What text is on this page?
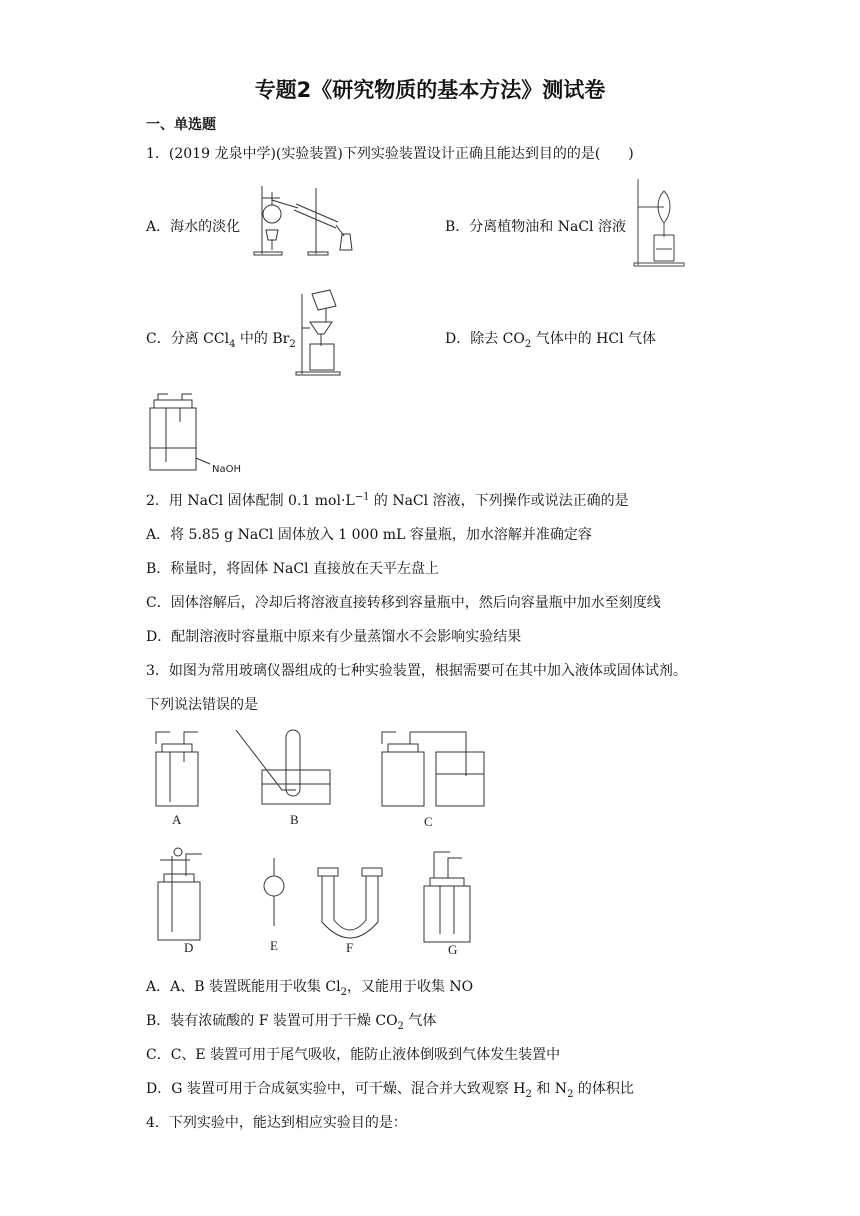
专题2《研究物质的基本方法》测试卷
一、单选题
1．(2019 龙泉中学)(实验装置)下列实验装置设计正确且能达到目的的是(　　)
A．海水的淡化	B．分离植物油和 NaCl 溶液
C．分离 CCl$_4$ 中的 $Br_2$	D．除去 $CO_2$ 气体中的 HCl 气体
NaOH
2．用 NaCl 固体配制 0.1 $mol\cdot L^{-1}$ 的 NaCl 溶液，下列操作或说法正确的是
A．将 5.85 g NaCl 固体放入 1 000 mL 容量瓶，加水溶解并准确定容
B．称量时，将固体 NaCl 直接放在天平左盘上
C．固体溶解后，冷却后将溶液直接转移到容量瓶中，然后向容量瓶中加水至刻度线
D．配制溶液时容量瓶中原来有少量蒸馏水不会影响实验结果
3．如图为常用玻璃仪器组成的七种实验装置，根据需要可在其中加入液体或固体试剂。
下列说法错误的是
A	B	C
D	E	F	G
A．A、B 装置既能用于收集 $Cl_2$，又能用于收集 NO
B．装有浓硫酸的 F 装置可用于干燥 $CO_2$ 气体
C．C、E 装置可用于尾气吸收，能防止液体倒吸到气体发生装置中
D．G 装置可用于合成氨实验中，可干燥、混合并大致观察 $H_2$ 和 $N_2$ 的体积比
4．下列实验中，能达到相应实验目的是：
